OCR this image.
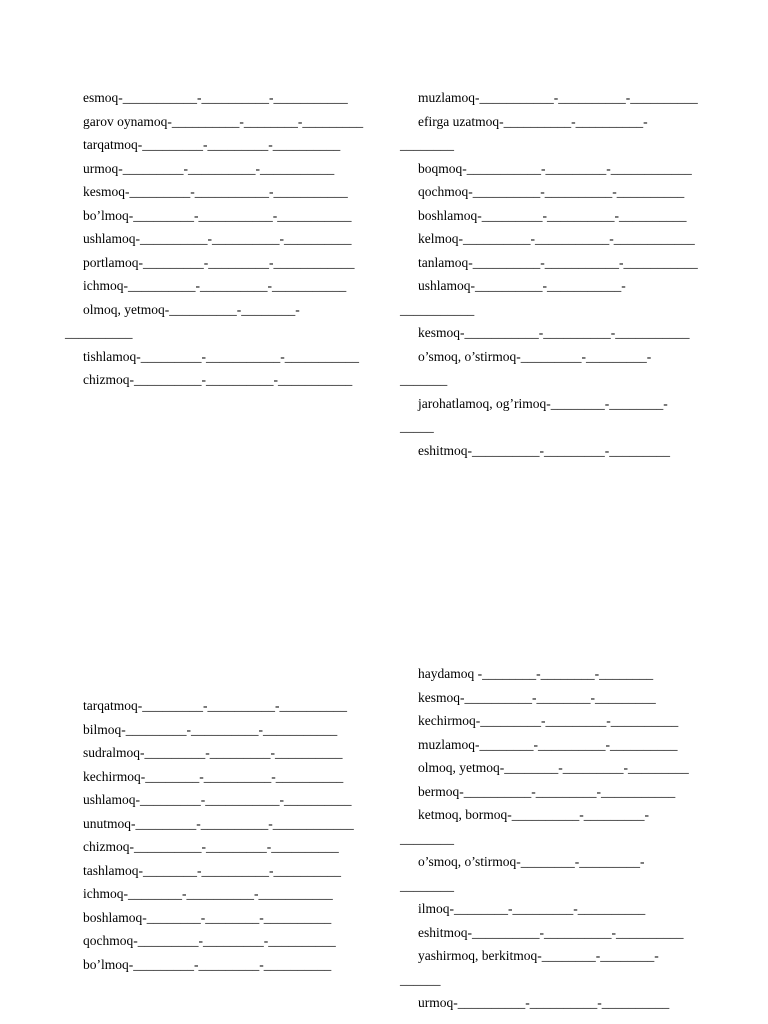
esmoq-___________-__________-___________
garov oynamoq-__________-________-_________
tarqatmoq-_________-_________-__________
urmoq-_________-__________-___________
kesmoq-_________-___________-___________
bo’lmoq-_________-___________-___________
ushlamoq-__________-__________-__________
portlamoq-_________-_________-____________
ichmoq-__________-__________-___________
olmoq, yetmoq-__________-________-
__________
tishlamoq-_________-___________-___________
chizmoq-__________-__________-___________
muzlamoq-___________-__________-__________
efirga uzatmoq-__________-__________-
________
boqmoq-___________-_________-____________
qochmoq-__________-__________-__________
boshlamoq-_________-__________-__________
kelmoq-__________-___________-____________
tanlamoq-__________-___________-___________
ushlamoq-__________-___________-
___________
kesmoq-___________-__________-___________
o’smoq, o’stirmoq-_________-_________-
_______
jarohatlamoq, og’rimoq-________-________-
_____
eshitmoq-__________-_________-_________
tarqatmoq-_________-__________-__________
bilmoq-_________-__________-___________
sudralmoq-_________-_________-__________
kechirmoq-________-__________-__________
ushlamoq-_________-___________-__________
unutmoq-_________-__________-____________
chizmoq-__________-_________-__________
tashlamoq-________-__________-__________
ichmoq-________-__________-___________
boshlamoq-________-________-__________
qochmoq-_________-_________-__________
bo’lmoq-_________-_________-__________
haydamoq -________-________-________
kesmoq-__________-________-_________
kechirmoq-_________-_________-__________
muzlamoq-________-__________-__________
olmoq, yetmoq-________-_________-_________
bermoq-__________-_________-___________
ketmoq, bormoq-__________-_________-
________
o’smoq, o’stirmoq-________-_________-
________
ilmoq-________-_________-__________
eshitmoq-__________-__________-__________
yashirmoq, berkitmoq-________-________-
______
urmoq-__________-__________-__________
